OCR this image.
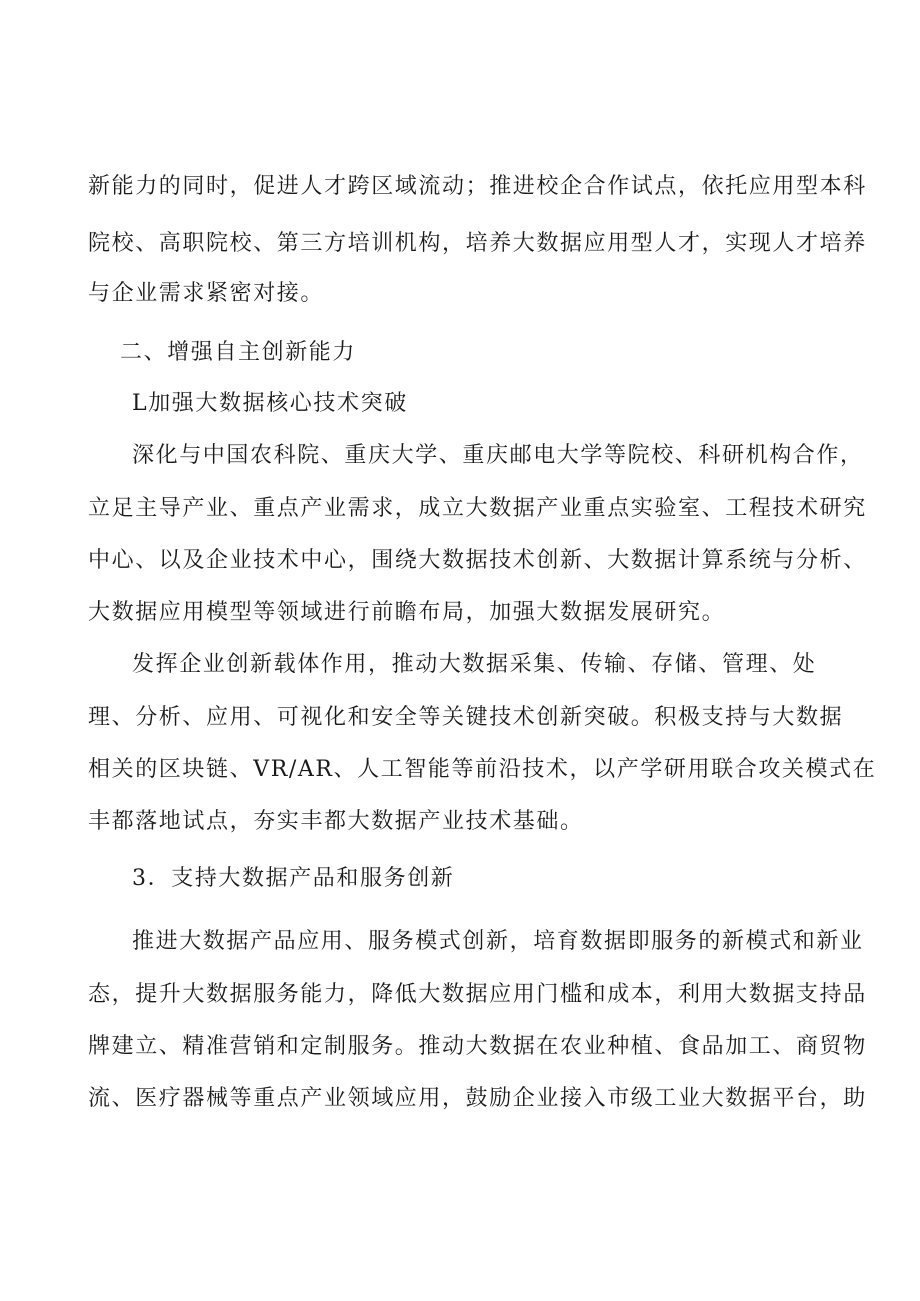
新能力的同时，促进人才跨区域流动；推进校企合作试点，依托应用型本科
院校、高职院校、第三方培训机构，培养大数据应用型人才，实现人才培养
与企业需求紧密对接。
二、增强自主创新能力
L加强大数据核心技术突破
深化与中国农科院、重庆大学、重庆邮电大学等院校、科研机构合作，
立足主导产业、重点产业需求，成立大数据产业重点实验室、工程技术研究
中心、以及企业技术中心，围绕大数据技术创新、大数据计算系统与分析、
大数据应用模型等领域进行前瞻布局，加强大数据发展研究。
发挥企业创新载体作用，推动大数据采集、传输、存储、管理、处
理、分析、应用、可视化和安全等关键技术创新突破。积极支持与大数据
相关的区块链、VR/AR、人工智能等前沿技术，以产学研用联合攻关模式在
丰都落地试点，夯实丰都大数据产业技术基础。
3．支持大数据产品和服务创新
推进大数据产品应用、服务模式创新，培育数据即服务的新模式和新业
态，提升大数据服务能力，降低大数据应用门槛和成本，利用大数据支持品
牌建立、精准营销和定制服务。推动大数据在农业种植、食品加工、商贸物
流、医疗器械等重点产业领域应用，鼓励企业接入市级工业大数据平台，助
